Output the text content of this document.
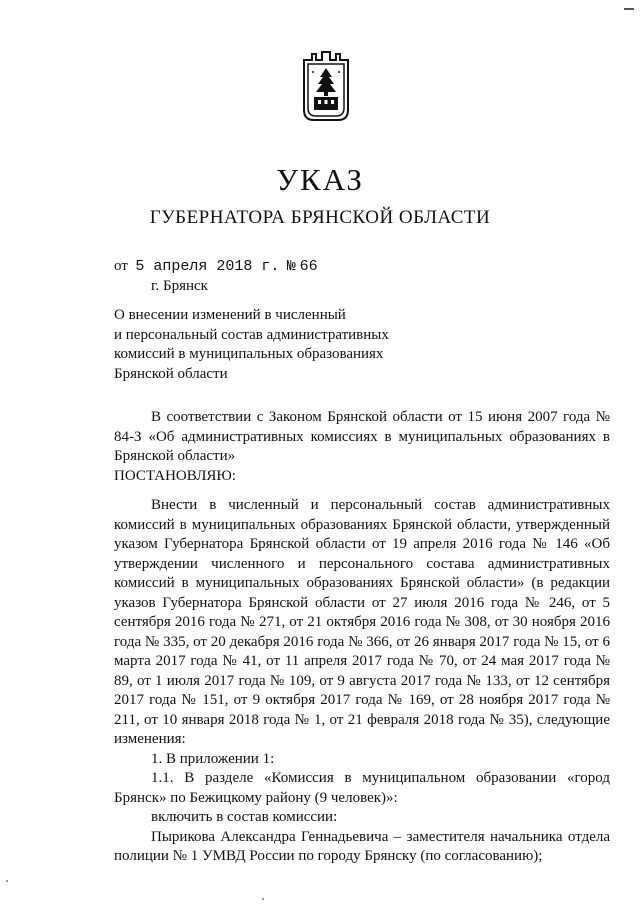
УКАЗ
ГУБЕРНАТОРА БРЯНСКОЙ ОБЛАСТИ
от 5 апреля 2018 г. № 66
г. Брянск
О внесении изменений в численный
и персональный состав административных
комиссий в муниципальных образованиях
Брянской области

В соответствии с Законом Брянской области от 15 июня 2007 года № 84-З «Об административных комиссиях в муниципальных образованиях в Брянской области»

ПОСТАНОВЛЯЮ:

Внести в численный и персональный состав административных комиссий в муниципальных образованиях Брянской области, утвержденный указом Губернатора Брянской области от 19 апреля 2016 года № 146 «Об утверждении численного и персонального состава административных комиссий в муниципальных образованиях Брянской области» (в редакции указов Губернатора Брянской области от 27 июля 2016 года № 246, от 5 сентября 2016 года № 271, от 21 октября 2016 года № 308, от 30 ноября 2016 года № 335, от 20 декабря 2016 года № 366, от 26 января 2017 года № 15, от 6 марта 2017 года № 41, от 11 апреля 2017 года № 70, от 24 мая 2017 года № 89, от 1 июля 2017 года № 109, от 9 августа 2017 года № 133, от 12 сентября 2017 года № 151, от 9 октября 2017 года № 169, от 28 ноября 2017 года № 211, от 10 января 2018 года № 1, от 21 февраля 2018 года № 35), следующие изменения:

1. В приложении 1:

1.1. В разделе «Комиссия в муниципальном образовании «город Брянск» по Бежицкому району (9 человек)»:

включить в состав комиссии:

Пырикова Александра Геннадьевича – заместителя начальника отдела полиции № 1 УМВД России по городу Брянску (по согласованию);
